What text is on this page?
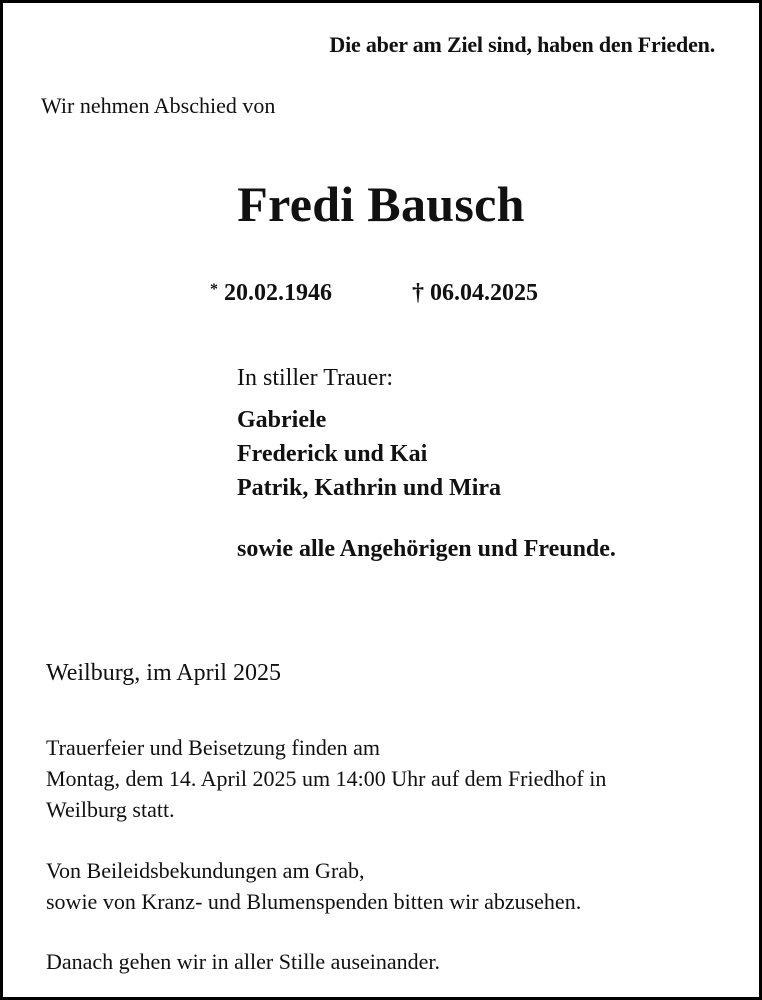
Die aber am Ziel sind, haben den Frieden.
Wir nehmen Abschied von
Fredi Bausch
* 20.02.1946	† 06.04.2025
In stiller Trauer:
Gabriele
Frederick und Kai
Patrik, Kathrin und Mira
sowie alle Angehörigen und Freunde.
Weilburg, im April 2025
Trauerfeier und Beisetzung finden am
Montag, dem 14. April 2025 um 14:00 Uhr auf dem Friedhof in
Weilburg statt.
Von Beileidsbekundungen am Grab,
sowie von Kranz- und Blumenspenden bitten wir abzusehen.
Danach gehen wir in aller Stille auseinander.
